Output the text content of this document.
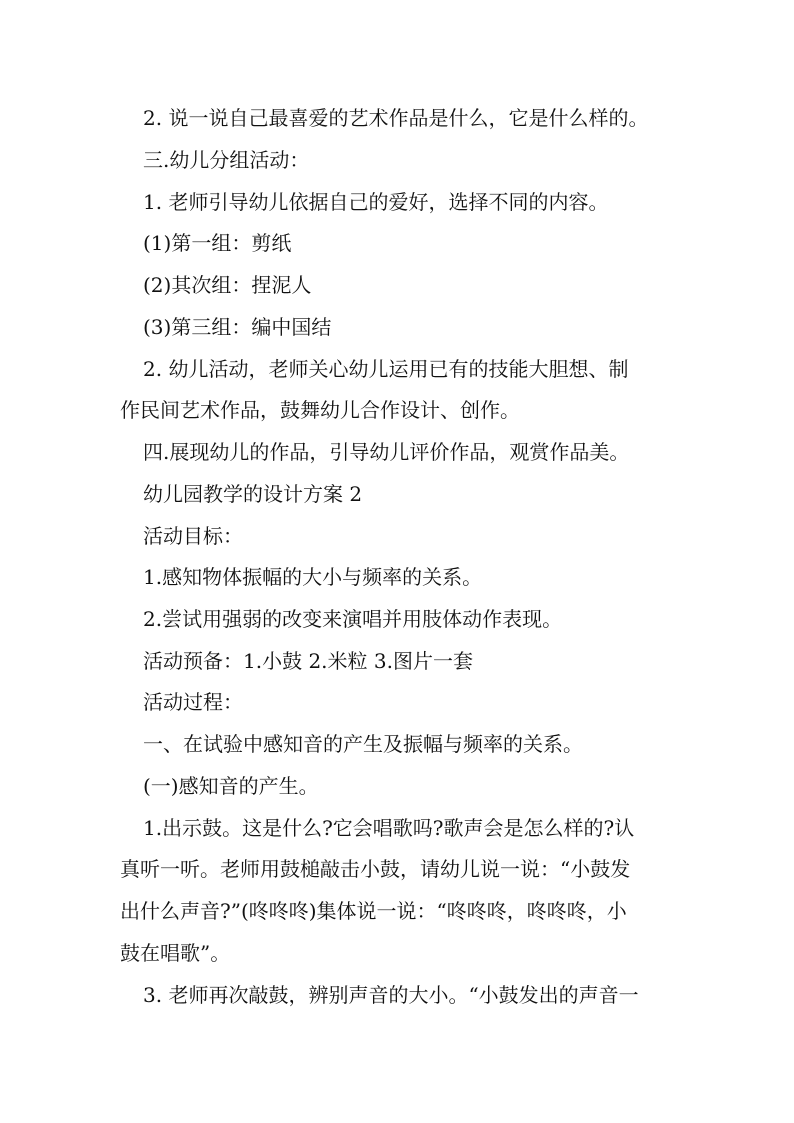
2. 说一说自己最喜爱的艺术作品是什么，它是什么样的。
三.幼儿分组活动：
1. 老师引导幼儿依据自己的爱好，选择不同的内容。
(1)第一组：剪纸
(2)其次组：捏泥人
(3)第三组：编中国结
2. 幼儿活动，老师关心幼儿运用已有的技能大胆想、制
作民间艺术作品，鼓舞幼儿合作设计、创作。
四.展现幼儿的作品，引导幼儿评价作品，观赏作品美。
幼儿园教学的设计方案 2
活动目标：
1.感知物体振幅的大小与频率的关系。
2.尝试用强弱的改变来演唱并用肢体动作表现。
活动预备：1.小鼓 2.米粒 3.图片一套
活动过程：
一、在试验中感知音的产生及振幅与频率的关系。
(一)感知音的产生。
1.出示鼓。这是什么?它会唱歌吗?歌声会是怎么样的?认
真听一听。老师用鼓槌敲击小鼓，请幼儿说一说：“小鼓发
出什么声音?”(咚咚咚)集体说一说：“咚咚咚，咚咚咚，小
鼓在唱歌”。
3. 老师再次敲鼓，辨别声音的大小。“小鼓发出的声音一
